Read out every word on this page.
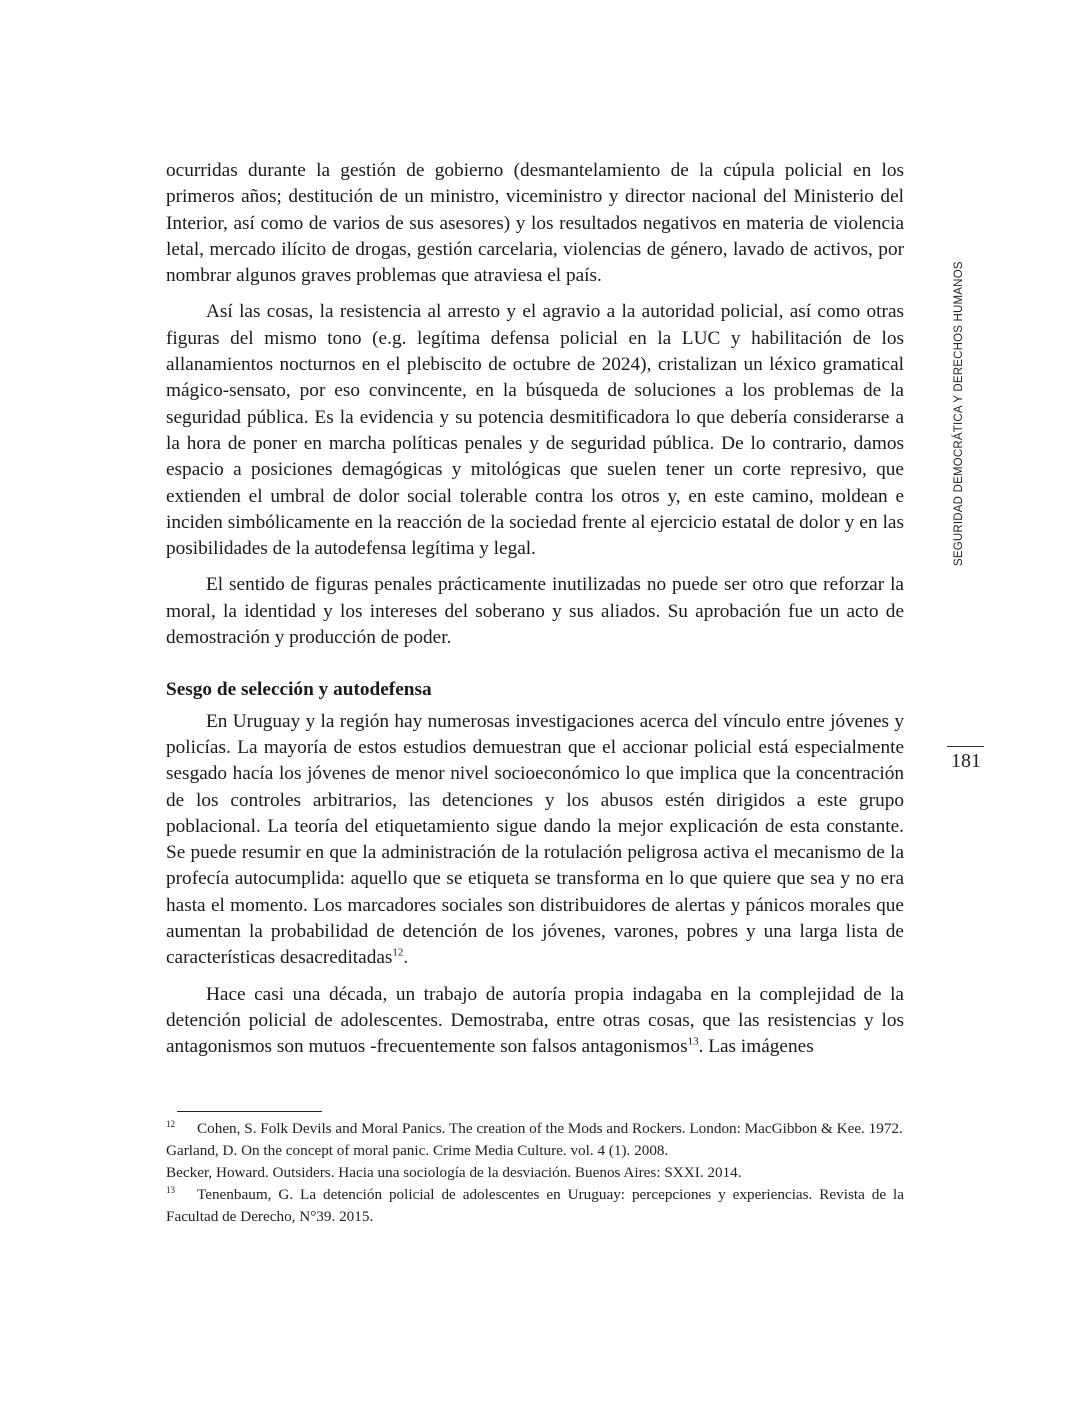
ocurridas durante la gestión de gobierno (desmantelamiento de la cúpula policial en los primeros años; destitución de un ministro, viceministro y director nacional del Ministerio del Interior, así como de varios de sus asesores) y los resultados negativos en materia de violencia letal, mercado ilícito de drogas, gestión carcelaria, violencias de género, lavado de activos, por nombrar algunos graves problemas que atraviesa el país.

Así las cosas, la resistencia al arresto y el agravio a la autoridad policial, así como otras figuras del mismo tono (e.g. legítima defensa policial en la LUC y habilitación de los allanamientos nocturnos en el plebiscito de octubre de 2024), cristalizan un léxico gramatical mágico-sensato, por eso convincente, en la búsqueda de soluciones a los problemas de la seguridad pública. Es la evidencia y su potencia desmitificadora lo que debería considerarse a la hora de poner en marcha políticas penales y de seguridad pública. De lo contrario, damos espacio a posiciones demagógicas y mitológicas que suelen tener un corte represivo, que extienden el umbral de dolor social tolerable contra los otros y, en este camino, moldean e inciden simbólicamente en la reacción de la sociedad frente al ejercicio estatal de dolor y en las posibilidades de la autodefensa legítima y legal.

El sentido de figuras penales prácticamente inutilizadas no puede ser otro que reforzar la moral, la identidad y los intereses del soberano y sus aliados. Su aprobación fue un acto de demostración y producción de poder.

Sesgo de selección y autodefensa

En Uruguay y la región hay numerosas investigaciones acerca del vínculo entre jóvenes y policías. La mayoría de estos estudios demuestran que el accionar policial está especialmente sesgado hacía los jóvenes de menor nivel socioeconómico lo que implica que la concentración de los controles arbitrarios, las detenciones y los abusos estén dirigidos a este grupo poblacional. La teoría del etiquetamiento sigue dando la mejor explicación de esta constante. Se puede resumir en que la administración de la rotulación peligrosa activa el mecanismo de la profecía autocumplida: aquello que se etiqueta se transforma en lo que quiere que sea y no era hasta el momento. Los marcadores sociales son distribuidores de alertas y pánicos morales que aumentan la probabilidad de detención de los jóvenes, varones, pobres y una larga lista de características desacreditadas$^{12}$.

Hace casi una década, un trabajo de autoría propia indagaba en la complejidad de la detención policial de adolescentes. Demostraba, entre otras cosas, que las resistencias y los antagonismos son mutuos -frecuentemente son falsos antagonismos$^{13}$. Las imágenes

SEGURIDAD DEMOCRÁTICA Y DERECHOS HUMANOS
181

$^{12}$ Cohen, S. Folk Devils and Moral Panics. The creation of the Mods and Rockers. London: MacGibbon & Kee. 1972.

Garland, D. On the concept of moral panic. Crime Media Culture. vol. 4 (1). 2008.

Becker, Howard. Outsiders. Hacia una sociología de la desviación. Buenos Aires: SXXI. 2014.

$^{13}$ Tenenbaum, G. La detención policial de adolescentes en Uruguay: percepciones y experiencias. Revista de la Facultad de Derecho, N°39. 2015.
